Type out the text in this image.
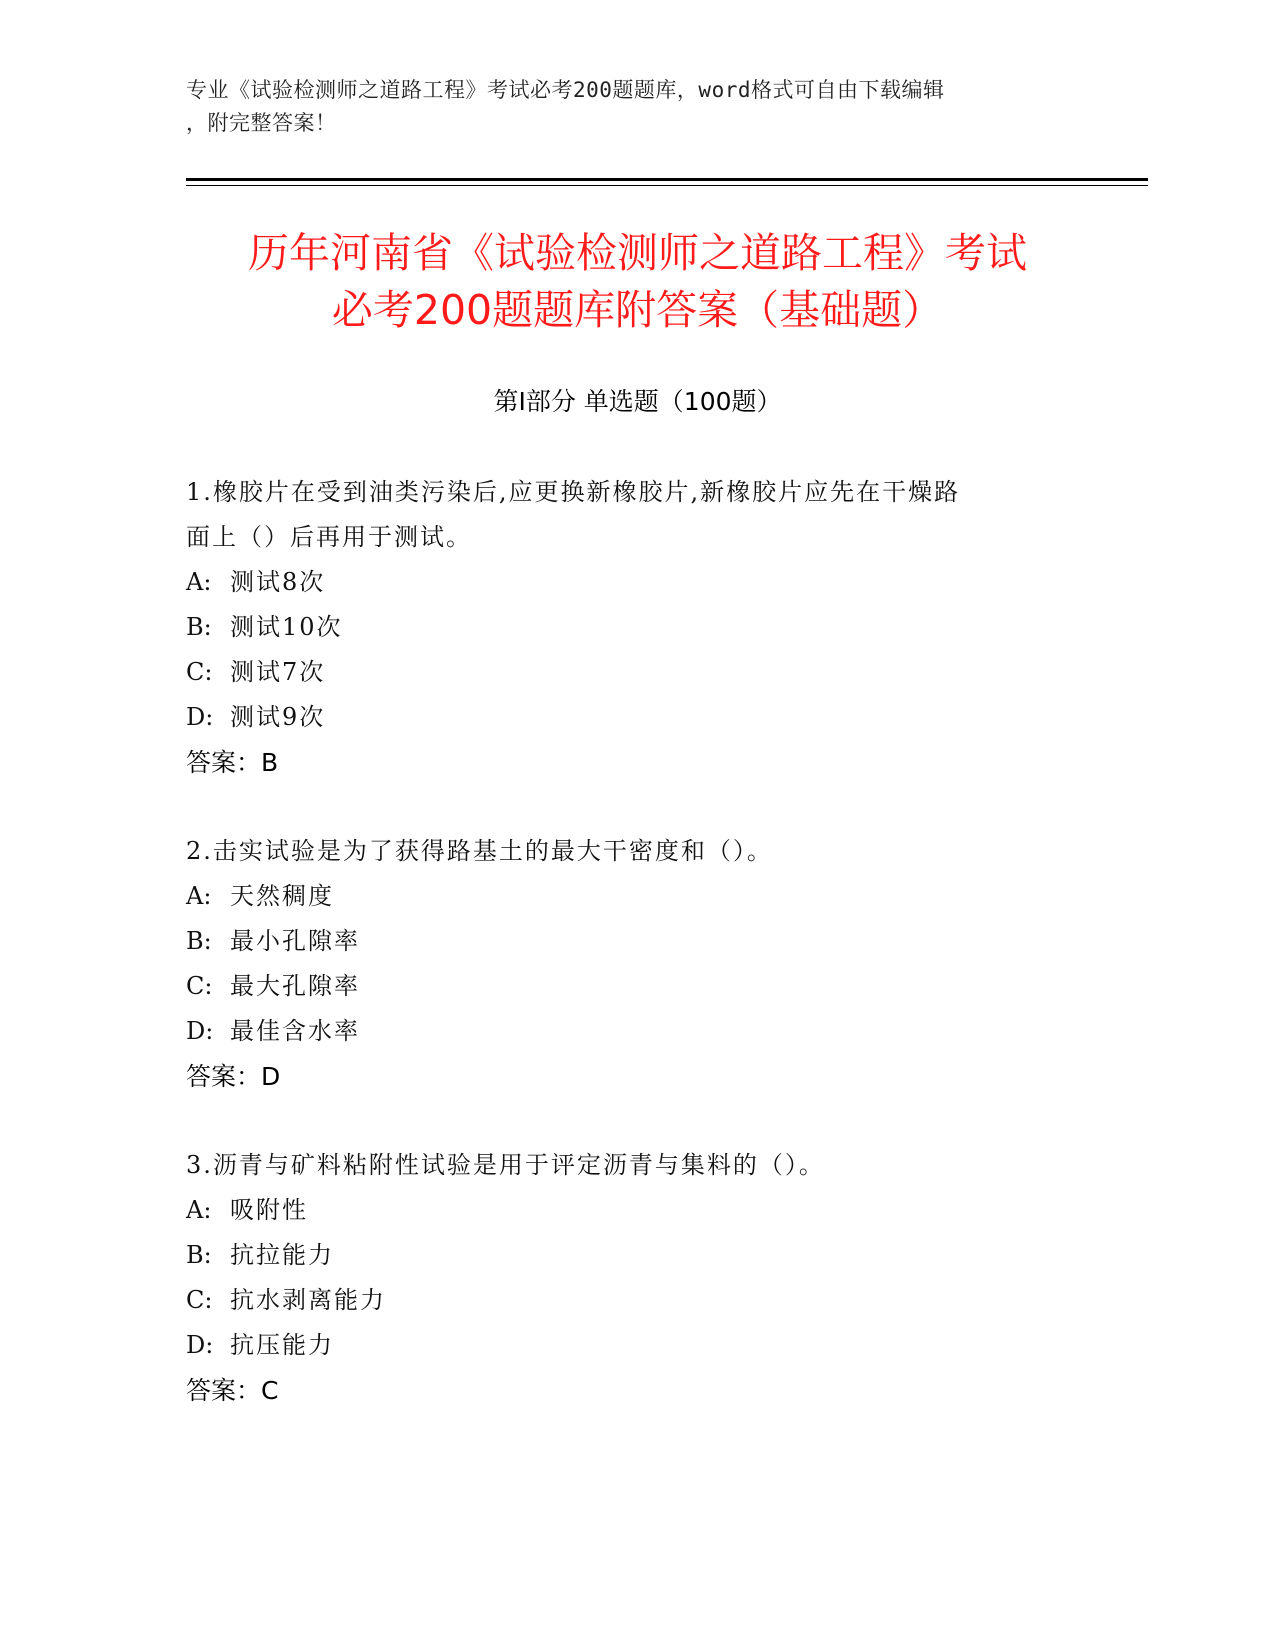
专业《试验检测师之道路工程》考试必考200题题库，word格式可自由下载编辑
，附完整答案！
历年河南省《试验检测师之道路工程》考试
必考200题题库附答案（基础题）
第Ⅰ部分 单选题（100题）
1.橡胶片在受到油类污染后,应更换新橡胶片,新橡胶片应先在干燥路
面上（）后再用于测试。
A: 测试8次
B: 测试10次
C: 测试7次
D: 测试9次
答案：B
2.击实试验是为了获得路基土的最大干密度和（）。
A: 天然稠度
B: 最小孔隙率
C: 最大孔隙率
D: 最佳含水率
答案：D
3.沥青与矿料粘附性试验是用于评定沥青与集料的（）。
A: 吸附性
B: 抗拉能力
C: 抗水剥离能力
D: 抗压能力
答案：C
